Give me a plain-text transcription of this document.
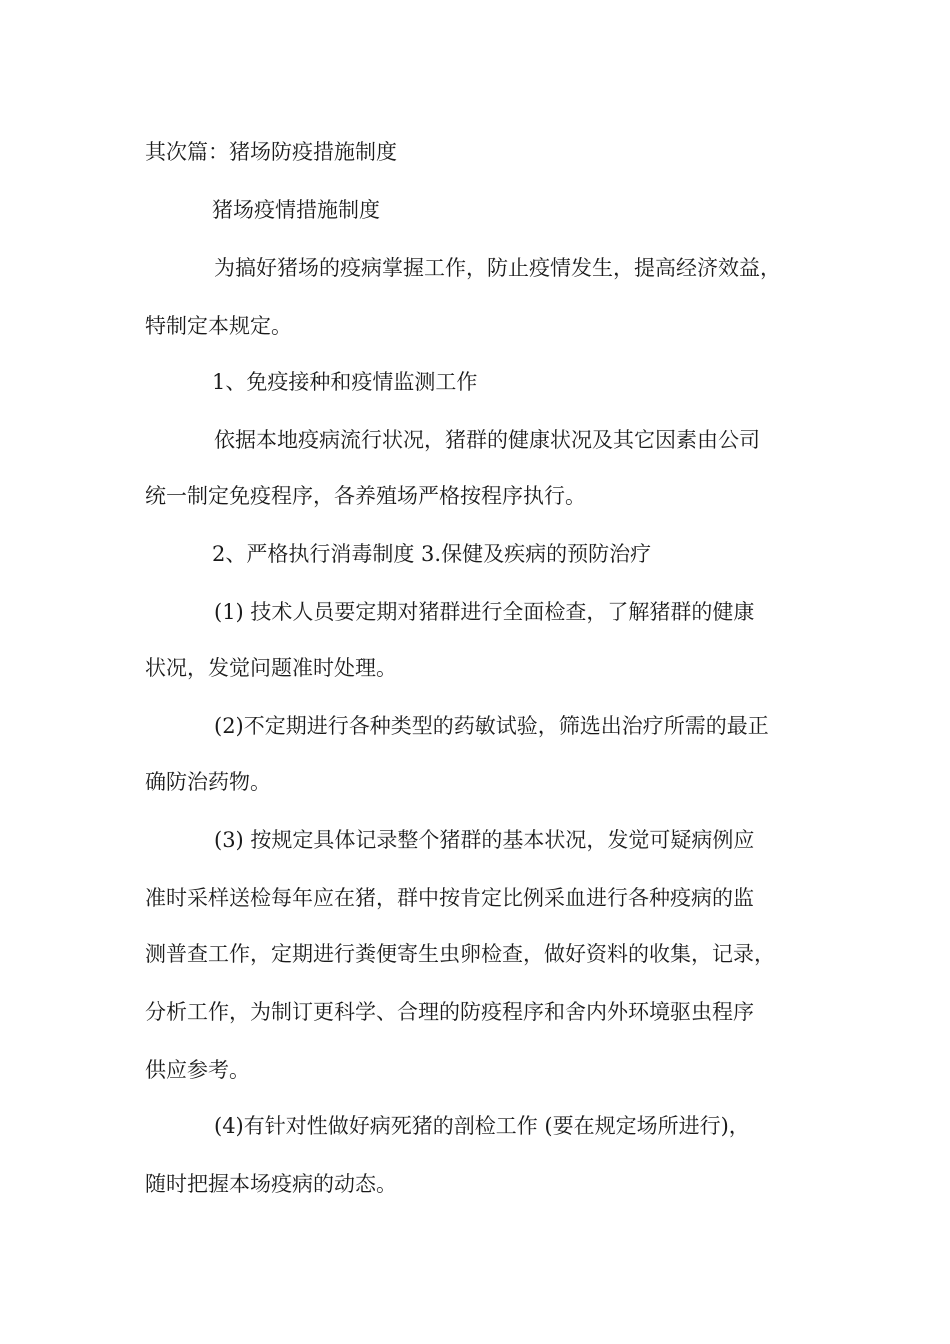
其次篇：猪场防疫措施制度
猪场疫情措施制度
为搞好猪场的疫病掌握工作，防止疫情发生，提高经济效益，
特制定本规定。
1、免疫接种和疫情监测工作
依据本地疫病流行状况，猪群的健康状况及其它因素由公司
统一制定免疫程序，各养殖场严格按程序执行。
2、严格执行消毒制度 3.保健及疾病的预防治疗
(1) 技术人员要定期对猪群进行全面检查，了解猪群的健康
状况，发觉问题准时处理。
(2)不定期进行各种类型的药敏试验，筛选出治疗所需的最正
确防治药物。
(3) 按规定具体记录整个猪群的基本状况，发觉可疑病例应
准时采样送检每年应在猪，群中按肯定比例采血进行各种疫病的监
测普查工作，定期进行粪便寄生虫卵检查，做好资料的收集，记录，
分析工作，为制订更科学、合理的防疫程序和舍内外环境驱虫程序
供应参考。
(4)有针对性做好病死猪的剖检工作 (要在规定场所进行)，
随时把握本场疫病的动态。
